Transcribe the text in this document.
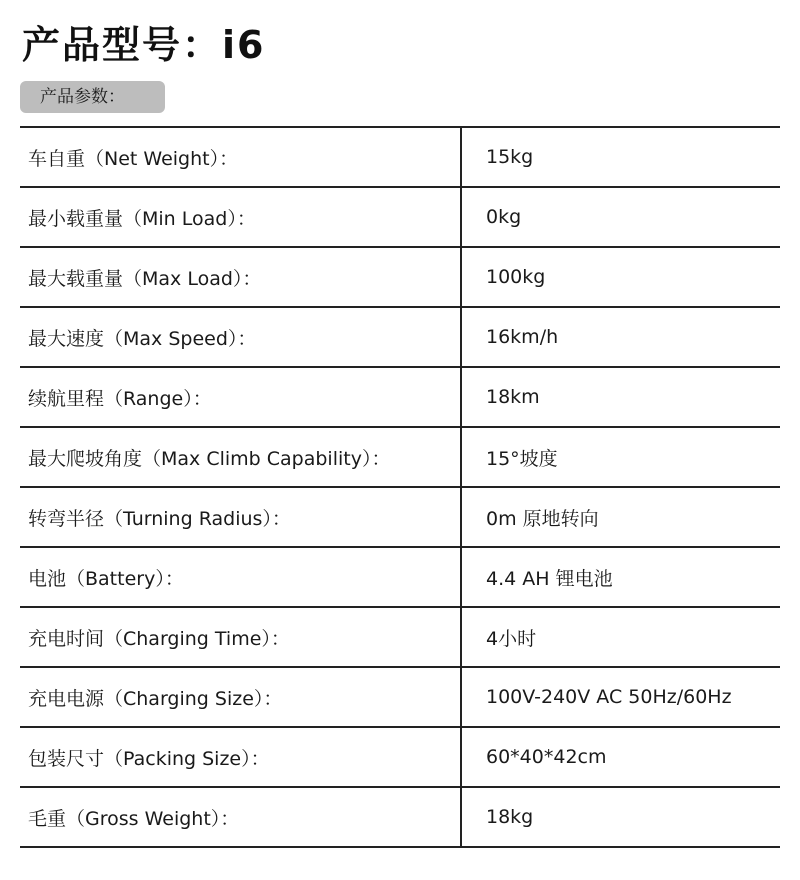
产品型号：i6
产品参数：
车自重（Net Weight）：	15kg
最小载重量（Min Load）：	0kg
最大载重量（Max Load）：	100kg
最大速度（Max Speed）：	16km/h
续航里程（Range）：	18km
最大爬坡角度（Max Climb Capability）：	15°坡度
转弯半径（Turning Radius）：	0m 原地转向
电池（Battery）：	4.4 AH 锂电池
充电时间（Charging Time）：	4小时
充电电源（Charging Size）：	100V-240V AC 50Hz/60Hz
包装尺寸（Packing Size）：	60*40*42cm
毛重（Gross Weight）：	18kg
